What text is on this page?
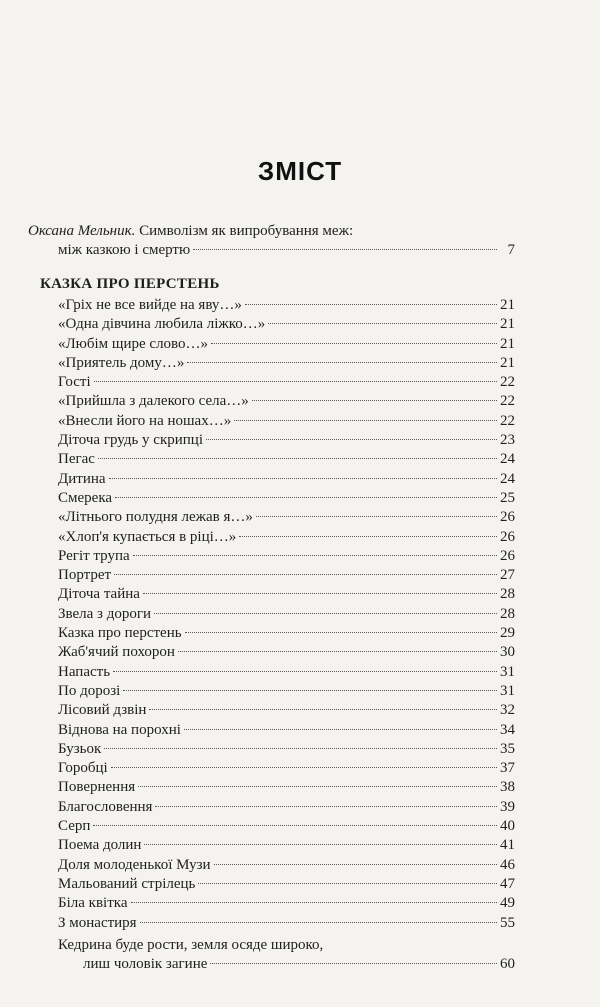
ЗМІСТ
Оксана Мельник. Символізм як випробування меж:
між казкою і смертю	7
КАЗКА ПРО ПЕРСТЕНЬ
«Гріх не все вийде на яву…»	21
«Одна дівчина любила ліжко…»	21
«Любім щире слово…»	21
«Приятель дому…»	21
Гості	22
«Прийшла з далекого села…»	22
«Внесли його на ношах…»	22
Діточа грудь у скрипці	23
Пегас	24
Дитина	24
Смерека	25
«Літнього полудня лежав я…»	26
«Хлоп'я купається в ріці…»	26
Регіт трупа	26
Портрет	27
Діточа тайна	28
Звела з дороги	28
Казка про перстень	29
Жаб'ячий похорон	30
Напасть	31
По дорозі	31
Лісовий дзвін	32
Віднова на порохні	34
Бузьок	35
Горобці	37
Повернення	38
Благословення	39
Серп	40
Поема долин	41
Доля молоденької Музи	46
Мальований стрілець	47
Біла квітка	49
З монастиря	55
Кедрина буде рости, земля осяде широко,
лиш чоловік загине	60
